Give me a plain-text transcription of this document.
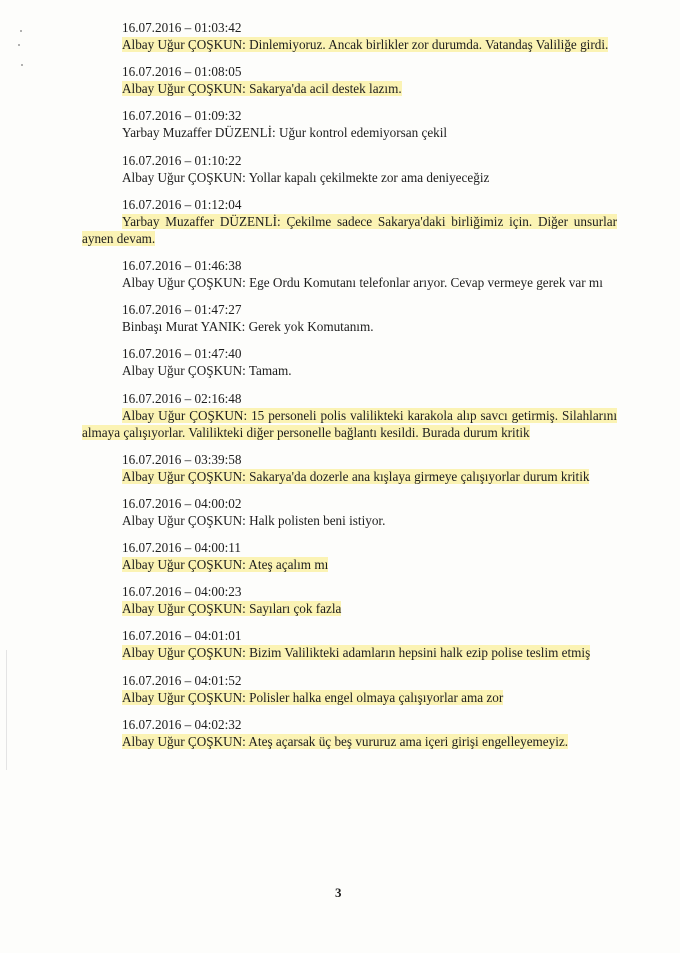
16.07.2016 – 01:03:42
Albay Uğur ÇOŞKUN: Dinlemiyoruz. Ancak birlikler zor durumda. Vatandaş Valiliğe girdi.
16.07.2016 – 01:08:05
Albay Uğur ÇOŞKUN: Sakarya'da acil destek lazım.
16.07.2016 – 01:09:32
Yarbay Muzaffer DÜZENLİ: Uğur kontrol edemiyorsan çekil
16.07.2016 – 01:10:22
Albay Uğur ÇOŞKUN: Yollar kapalı çekilmekte zor ama deniyeceğiz
16.07.2016 – 01:12:04
Yarbay Muzaffer DÜZENLİ: Çekilme sadece Sakarya'daki birliğimiz için. Diğer unsurlar aynen devam.
16.07.2016 – 01:46:38
Albay Uğur ÇOŞKUN: Ege Ordu Komutanı telefonlar arıyor. Cevap vermeye gerek var mı
16.07.2016 – 01:47:27
Binbaşı Murat YANIK: Gerek yok Komutanım.
16.07.2016 – 01:47:40
Albay Uğur ÇOŞKUN: Tamam.
16.07.2016 – 02:16:48
Albay Uğur ÇOŞKUN: 15 personeli polis valilikteki karakola alıp savcı getirmiş. Silahlarını almaya çalışıyorlar. Valilikteki diğer personelle bağlantı kesildi. Burada durum kritik
16.07.2016 – 03:39:58
Albay Uğur ÇOŞKUN: Sakarya'da dozerle ana kışlaya girmeye çalışıyorlar durum kritik
16.07.2016 – 04:00:02
Albay Uğur ÇOŞKUN: Halk polisten beni istiyor.
16.07.2016 – 04:00:11
Albay Uğur ÇOŞKUN: Ateş açalım mı
16.07.2016 – 04:00:23
Albay Uğur ÇOŞKUN: Sayıları çok fazla
16.07.2016 – 04:01:01
Albay Uğur ÇOŞKUN: Bizim Valilikteki adamların hepsini halk ezip polise teslim etmiş
16.07.2016 – 04:01:52
Albay Uğur ÇOŞKUN: Polisler halka engel olmaya çalışıyorlar ama zor
16.07.2016 – 04:02:32
Albay Uğur ÇOŞKUN: Ateş açarsak üç beş vururuz ama içeri girişi engelleyemeyiz.
3
